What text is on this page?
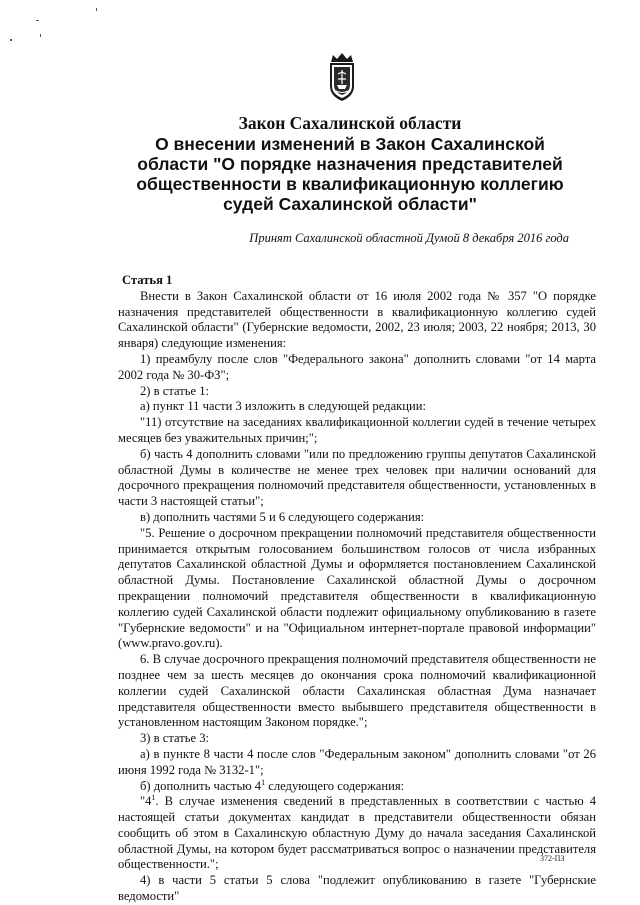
Закон Сахалинской области
О внесении изменений в Закон Сахалинской
области "О порядке назначения представителей
общественности в квалификационную коллегию
судей Сахалинской области"
Принят Сахалинской областной Думой 8 декабря 2016 года

Статья 1

Внести в Закон Сахалинской области от 16 июля 2002 года № 357 "О порядке назначения представителей общественности в квалификационную коллегию судей Сахалинской области" (Губернские ведомости, 2002, 23 июля; 2003, 22 ноября; 2013, 30 января) следующие изменения:

1) преамбулу после слов "Федерального закона" дополнить словами "от 14 марта 2002 года № 30-ФЗ";

2) в статье 1:

а) пункт 11 части 3 изложить в следующей редакции:

"11) отсутствие на заседаниях квалификационной коллегии судей в течение четырех месяцев без уважительных причин;";

б) часть 4 дополнить словами "или по предложению группы депутатов Сахалинской областной Думы в количестве не менее трех человек при наличии оснований для досрочного прекращения полномочий представителя общественности, установленных в части 3 настоящей статьи";

в) дополнить частями 5 и 6 следующего содержания:

"5. Решение о досрочном прекращении полномочий представителя общественности принимается открытым голосованием большинством голосов от числа избранных депутатов Сахалинской областной Думы и оформляется постановлением Сахалинской областной Думы. Постановление Сахалинской областной Думы о досрочном прекращении полномочий представителя общественности в квалификационную коллегию судей Сахалинской области подлежит официальному опубликованию в газете "Губернские ведомости" и на "Официальном интернет-портале правовой информации" (www.pravo.gov.ru).

6. В случае досрочного прекращения полномочий представителя общественности не позднее чем за шесть месяцев до окончания срока полномочий квалификационной коллегии судей Сахалинской области Сахалинская областная Дума назначает представителя общественности вместо выбывшего представителя общественности в установленном настоящим Законом порядке.";

3) в статье 3:

а) в пункте 8 части 4 после слов "Федеральным законом" дополнить словами "от 26 июня 1992 года № 3132-1";

б) дополнить частью $4^1$ следующего содержания:

"$4^1$. В случае изменения сведений в представленных в соответствии с частью 4 настоящей статьи документах кандидат в представители общественности обязан сообщить об этом в Сахалинскую областную Думу до начала заседания Сахалинской областной Думы, на котором будет рассматриваться вопрос о назначении представителя общественности.";

4) в части 5 статьи 5 слова "подлежит опубликованию в газете "Губернские ведомости"

372-ПЗ
